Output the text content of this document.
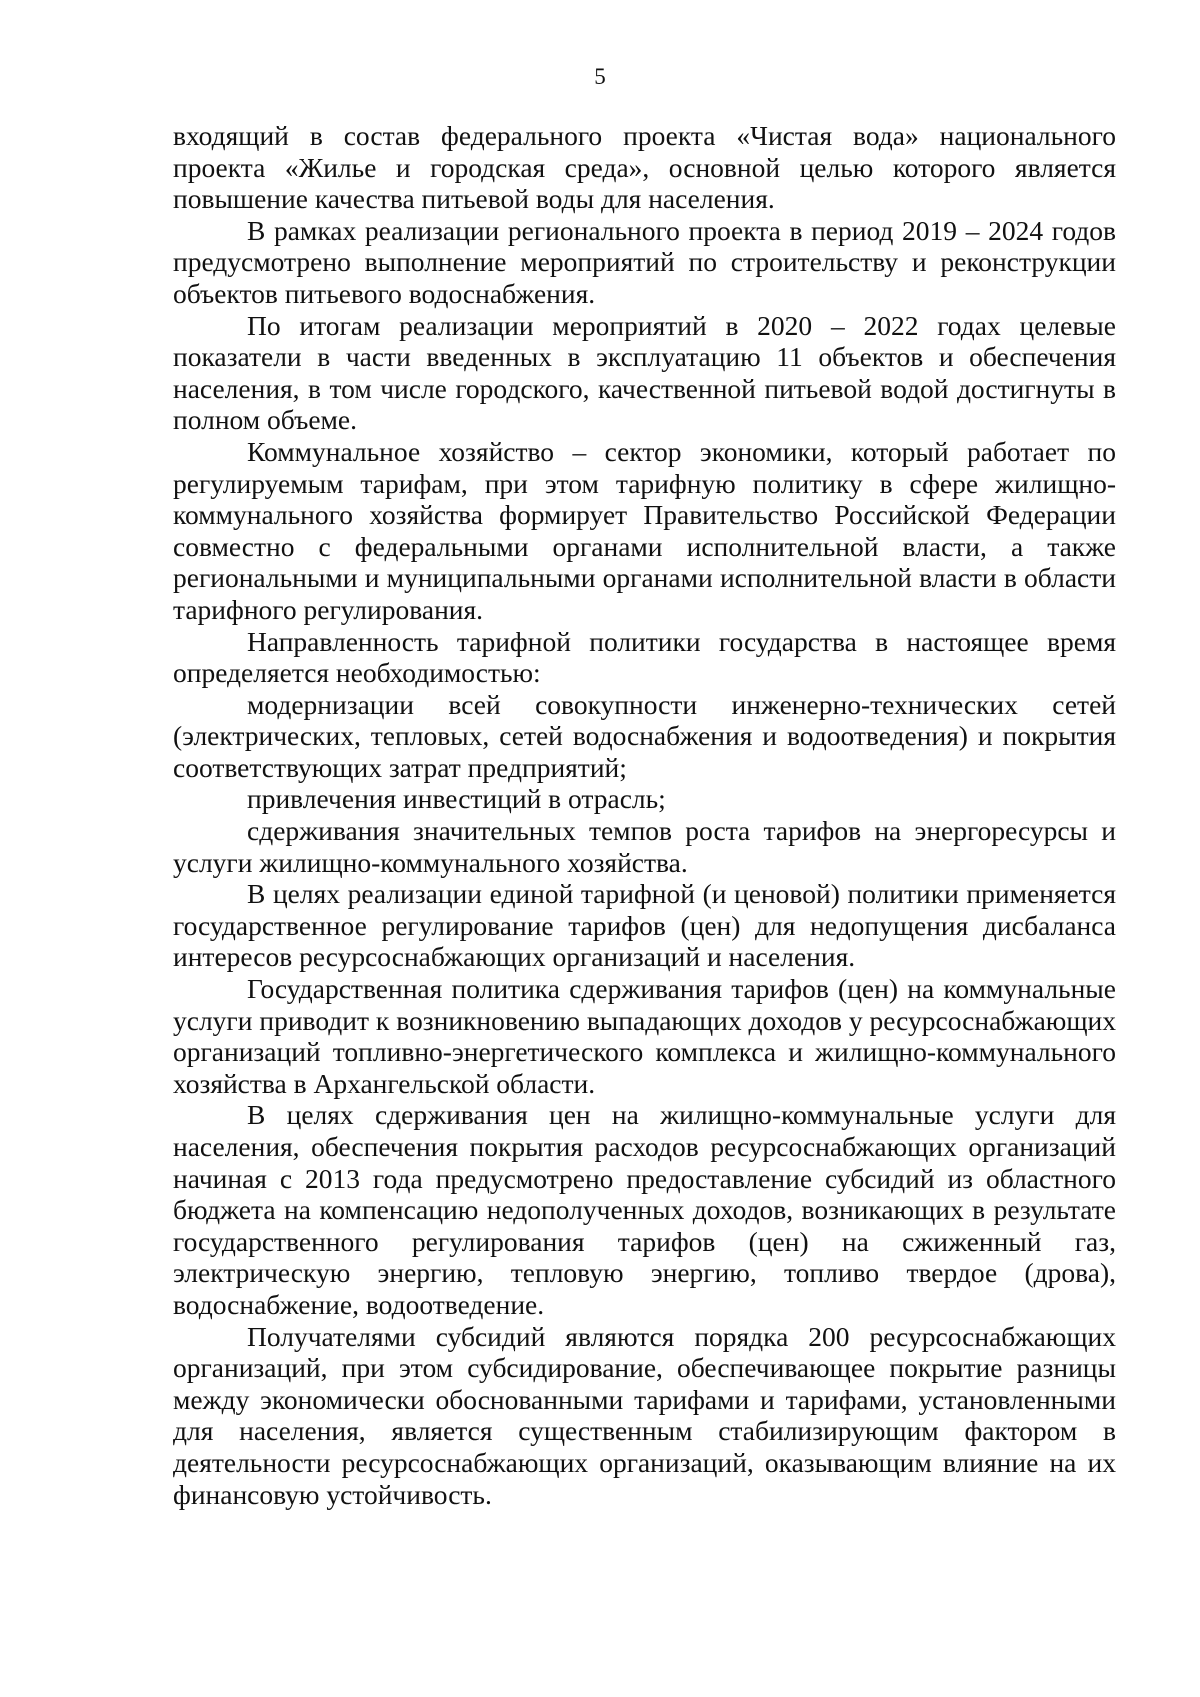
5

входящий в состав федерального проекта «Чистая вода» национального проекта «Жилье и городская среда», основной целью которого является повышение качества питьевой воды для населения.

В рамках реализации регионального проекта в период 2019 – 2024 годов предусмотрено выполнение мероприятий по строительству и реконструкции объектов питьевого водоснабжения.

По итогам реализации мероприятий в 2020 – 2022 годах целевые показатели в части введенных в эксплуатацию 11 объектов и обеспечения населения, в том числе городского, качественной питьевой водой достигнуты в полном объеме.

Коммунальное хозяйство – сектор экономики, который работает по регулируемым тарифам, при этом тарифную политику в сфере жилищно-коммунального хозяйства формирует Правительство Российской Федерации совместно с федеральными органами исполнительной власти, а также региональными и муниципальными органами исполнительной власти в области тарифного регулирования.

Направленность тарифной политики государства в настоящее время определяется необходимостью:

модернизации всей совокупности инженерно-технических сетей (электрических, тепловых, сетей водоснабжения и водоотведения) и покрытия соответствующих затрат предприятий;

привлечения инвестиций в отрасль;

сдерживания значительных темпов роста тарифов на энергоресурсы и услуги жилищно-коммунального хозяйства.

В целях реализации единой тарифной (и ценовой) политики применяется государственное регулирование тарифов (цен) для недопущения дисбаланса интересов ресурсоснабжающих организаций и населения.

Государственная политика сдерживания тарифов (цен) на коммунальные услуги приводит к возникновению выпадающих доходов у ресурсоснабжающих организаций топливно-энергетического комплекса и жилищно-коммунального хозяйства в Архангельской области.

В целях сдерживания цен на жилищно-коммунальные услуги для населения, обеспечения покрытия расходов ресурсоснабжающих организаций начиная с 2013 года предусмотрено предоставление субсидий из областного бюджета на компенсацию недополученных доходов, возникающих в результате государственного регулирования тарифов (цен) на сжиженный газ, электрическую энергию, тепловую энергию, топливо твердое (дрова), водоснабжение, водоотведение.

Получателями субсидий являются порядка 200 ресурсоснабжающих организаций, при этом субсидирование, обеспечивающее покрытие разницы между экономически обоснованными тарифами и тарифами, установленными для населения, является существенным стабилизирующим фактором в деятельности ресурсоснабжающих организаций, оказывающим влияние на их финансовую устойчивость.
